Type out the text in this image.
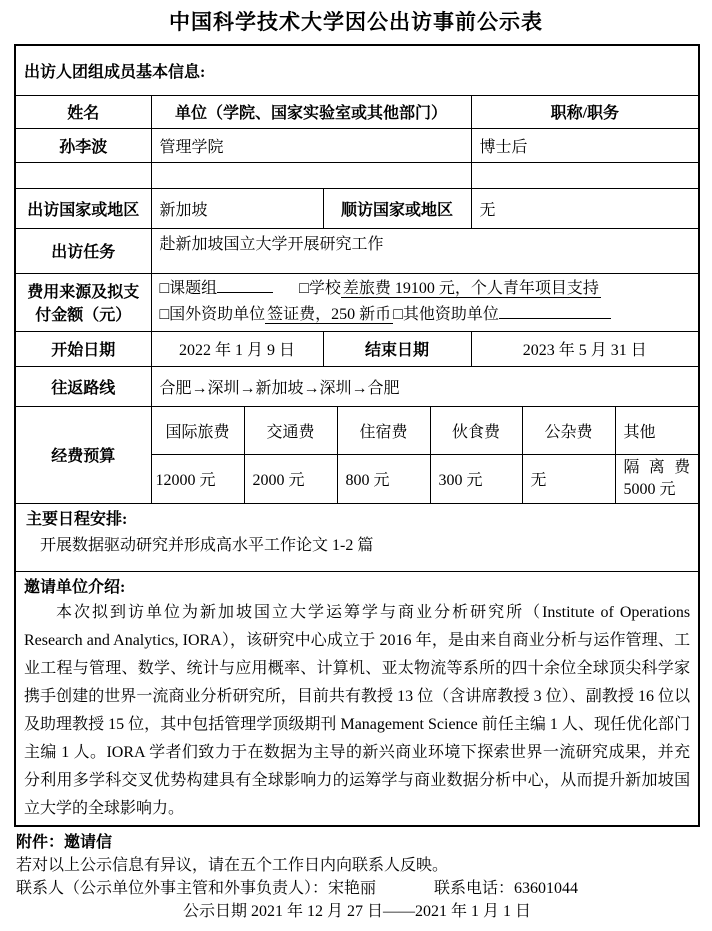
中国科学技术大学因公出访事前公示表
出访人团组成员基本信息:								
姓名	单位（学院、国家实验室或其他部门）					职称/职务		
孙李波	管理学院					博士后		

出访国家或地区	新加坡		顺访国家或地区			无		
出访任务	赴新加坡国立大学开展研究工作							
费用来源及拟支付金额（元）	□课题组 □学校 差旅费 19100 元，个人青年项目支持
□国外资助单位 签证费，250 新币 □其他资助单位							

开始日期	2022 年 1 月 9 日		结束日期			2023 年 5 月 31 日		
往返路线	合肥→深圳→新加坡→深圳→合肥							
经费预算	国际旅费	交通费		住宿费	伙食费		公杂费	其他
	12000 元	2000 元		800 元	300 元		无	隔离费 5000 元

主要日程安排:
开展数据驱动研究并形成高水平工作论文 1-2 篇								

邀请单位介绍:

本次拟到访单位为新加坡国立大学运筹学与商业分析研究所（Institute of Operations Research and Analytics, IORA），该研究中心成立于 2016 年，是由来自商业分析与运作管理、工业工程与管理、数学、统计与应用概率、计算机、亚太物流等系所的四十余位全球顶尖科学家携手创建的世界一流商业分析研究所，目前共有教授 13 位（含讲席教授 3 位）、副教授 16 位以及助理教授 15 位，其中包括管理学顶级期刊 Management Science 前任主编 1 人、现任优化部门主编 1 人。IORA 学者们致力于在数据为主导的新兴商业环境下探索世界一流研究成果，并充分利用多学科交叉优势构建具有全球影响力的运筹学与商业数据分析中心，从而提升新加坡国立大学的全球影响力。								

附件：邀请信
若对以上公示信息有异议，请在五个工作日内向联系人反映。
联系人（公示单位外事主管和外事负责人）：宋艳丽	联系电话：63601044
公示日期 2021 年 12 月 27 日——2021 年 1 月 1 日
